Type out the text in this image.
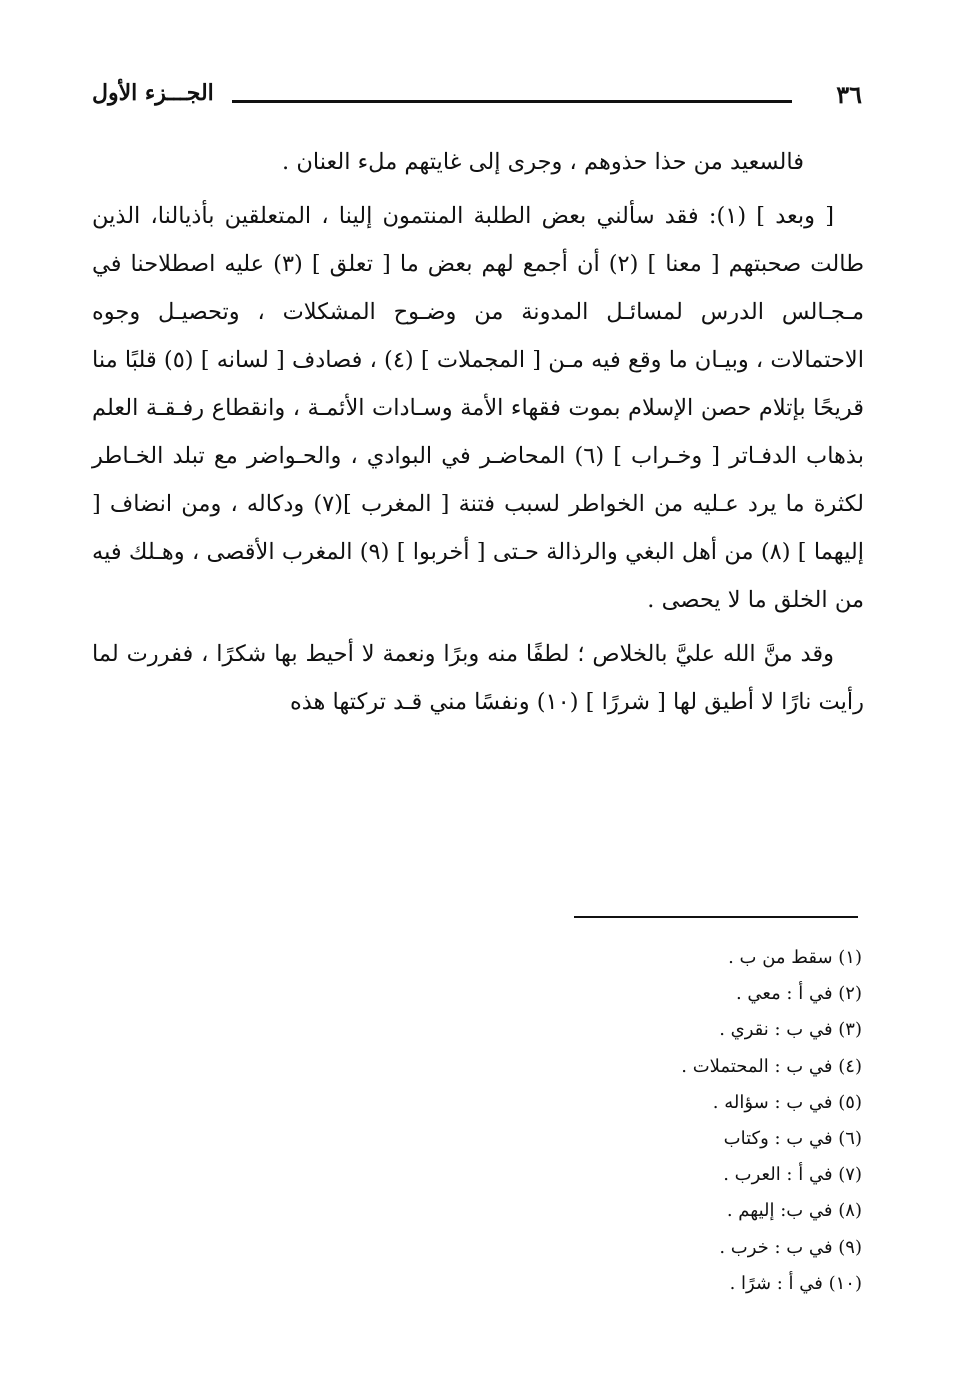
الجـــزء الأول	٣٦

فالسعيد من حذا حذوهم ، وجرى إلى غايتهم ملء العنان .

[ وبعد ] (١): فقد سألني بعض الطلبة المنتمون إلينا ، المتعلقين بأذيالنا، الذين طالت صحبتهم [ معنا ] (٢) أن أجمع لهم بعض ما [ تعلق ] (٣) عليه اصطلاحنا في مـجـالس الدرس لمسائـل المدونة من وضـوح المشكلات ، وتحصيـل وجوه الاحتمالات ، وبيـان ما وقع فيه مـن [ المجملات ] (٤) ، فصادف [ لسانه ] (٥) قلبًا منا قريحًا بإتلام حصن الإسلام بموت فقهاء الأمة وسـادات الأئمـة ، وانقطاع رفـقـة العلم بذهاب الدفـاتر [ وخـراب ] (٦) المحاضـر في البوادي ، والحـواضر مع تبلد الخـاطر لكثرة ما يرد عـليه من الخواطر لسبب فتنة [ المغرب ](٧) ودكاله ، ومن انضاف [ إليهما ] (٨) من أهل البغي والرذالة حـتى [ أخربوا ] (٩) المغرب الأقصى ، وهـلك فيه من الخلق ما لا يحصى .

وقد منَّ الله عليَّ بالخلاص ؛ لطفًا منه وبرًا ونعمة لا أحيط بها شكرًا ، ففررت لما رأيت نارًا لا أطيق لها [ شررًا ] (١٠) ونفسًا مني قـد تركتها هذه

(١) سقط من ب .
(٢) في أ : معي .
(٣) في ب : نقري .
(٤) في ب : المحتملات .
(٥) في ب : سؤاله .
(٦) في ب : وكتاب
(٧) في أ : العرب .
(٨) في ب: إليهم .
(٩) في ب : خرب .
(١٠) في أ : شرًا .
